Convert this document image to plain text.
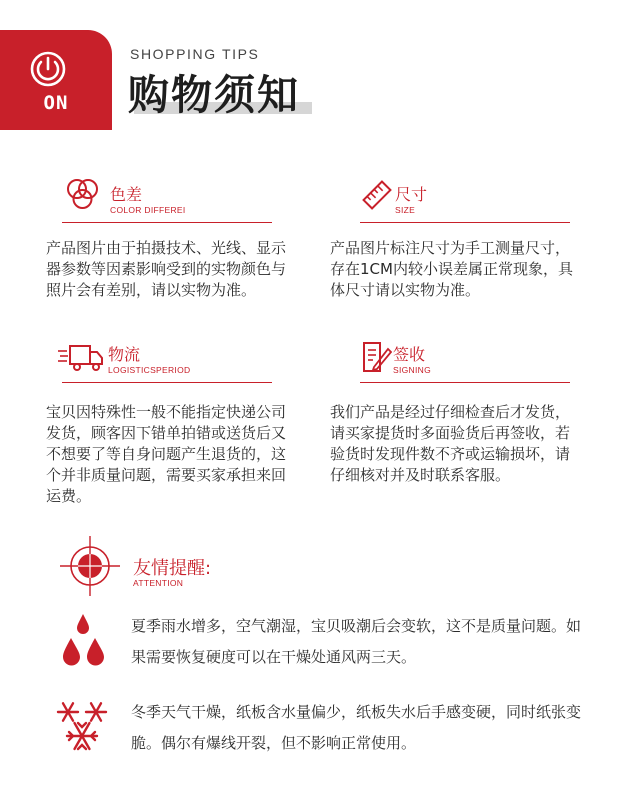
ON
SHOPPING TIPS
购物须知
色差
COLOR DIFFEREI
产品图片由于拍摄技术、光线、显示器参数等因素影响受到的实物颜色与照片会有差别，请以实物为准。
尺寸
SIZE
产品图片标注尺寸为手工测量尺寸，存在1CM内较小误差属正常现象，具体尺寸请以实物为准。
物流
LOGISTICSPERIOD
宝贝因特殊性一般不能指定快递公司发货，顾客因下错单拍错或送货后又不想要了等自身问题产生退货的，这个并非质量问题，需要买家承担来回运费。
签收
SIGNING
我们产品是经过仔细检查后才发货，请买家提货时多面验货后再签收，若验货时发现件数不齐或运输损坏，请仔细核对并及时联系客服。
友情提醒:
ATTENTION
夏季雨水增多，空气潮湿，宝贝吸潮后会变软，这不是质量问题。如果需要恢复硬度可以在干燥处通风两三天。
冬季天气干燥，纸板含水量偏少，纸板失水后手感变硬，同时纸张变脆。偶尔有爆线开裂，但不影响正常使用。
